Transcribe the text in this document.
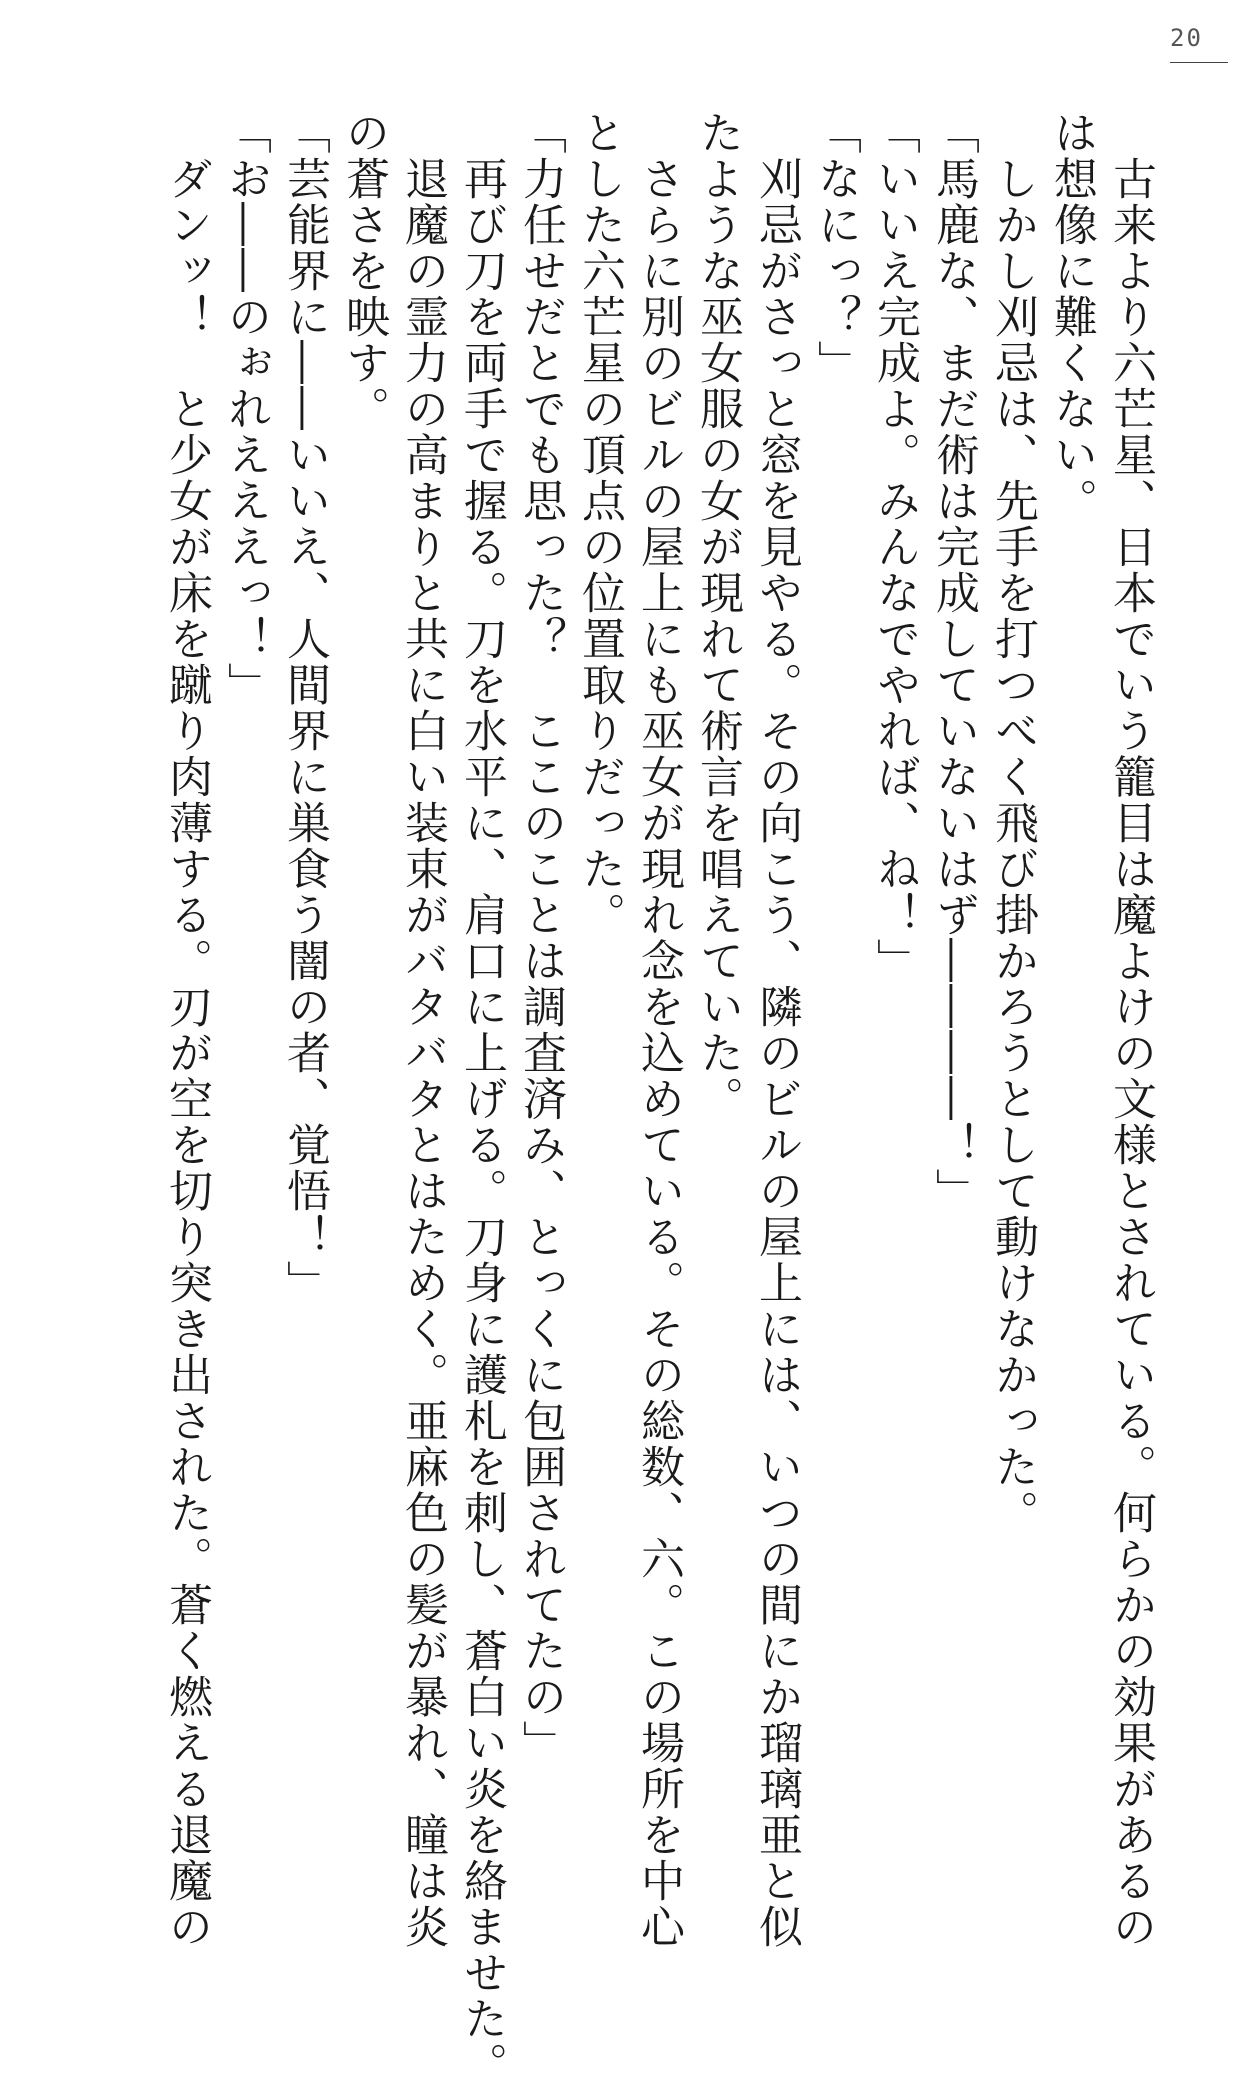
20
　古来より六芒星、日本でいう籠目は魔よけの文様とされている。何らかの効果があるの
は想像に難くない。
　しかし刈忌は、先手を打つべく飛び掛かろうとして動けなかった。
「馬鹿な、まだ術は完成していないはず――――！」
「いいえ完成よ。みんなでやれば、ね！」
「なにっ？」
　刈忌がさっと窓を見やる。その向こう、隣のビルの屋上には、いつの間にか瑠璃亜と似
たような巫女服の女が現れて術言を唱えていた。
　さらに別のビルの屋上にも巫女が現れ念を込めている。その総数、六。この場所を中心
とした六芒星の頂点の位置取りだった。
「力任せだとでも思った？　ここのことは調査済み、とっくに包囲されてたの」
　再び刀を両手で握る。刀を水平に、肩口に上げる。刀身に護札を刺し、蒼白い炎を絡ませた。
　退魔の霊力の高まりと共に白い装束がバタバタとはためく。亜麻色の髪が暴れ、瞳は炎
の蒼さを映す。
「芸能界に――いいえ、人間界に巣食う闇の者、覚悟！」
「お――のぉれえええっ！」
　ダンッ！　と少女が床を蹴り肉薄する。刃が空を切り突き出された。蒼く燃える退魔の
